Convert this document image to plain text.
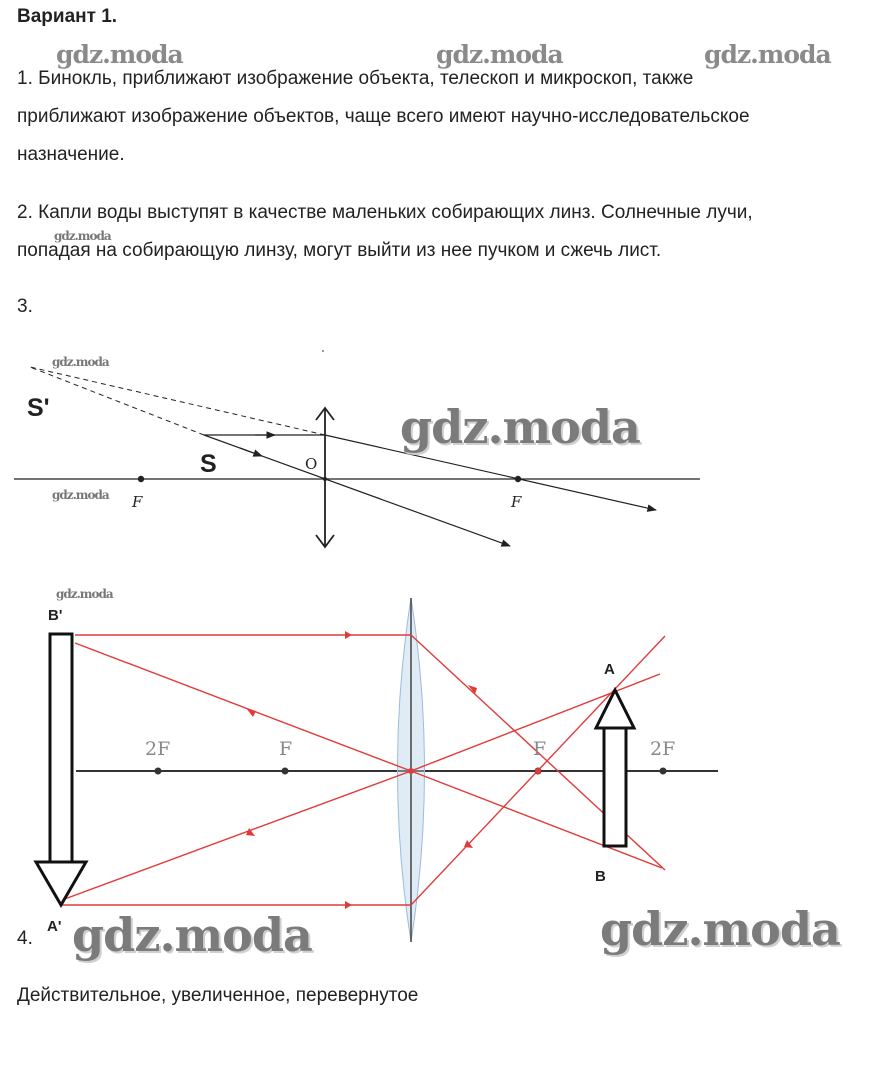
Вариант 1.
gdz.moda	gdz.moda	gdz.moda
1. Бинокль, приближают изображение объекта, телескоп и микроскоп, также
приближают изображение объектов, чаще всего имеют научно-исследовательское
назначение.
2. Капли воды выступят в качестве маленьких собирающих линз. Солнечные лучи,
gdz.moda
попадая на собирающую линзу, могут выйти из нее пучком и сжечь лист.
3.
S'
S	O
F	F
B'
A'
A
B
2F	F	F	2F
gdz.moda
gdz.moda
gdz.moda
gdz.moda
gdz.moda	gdz.moda
4.
Действительное, увеличенное, перевернутое
